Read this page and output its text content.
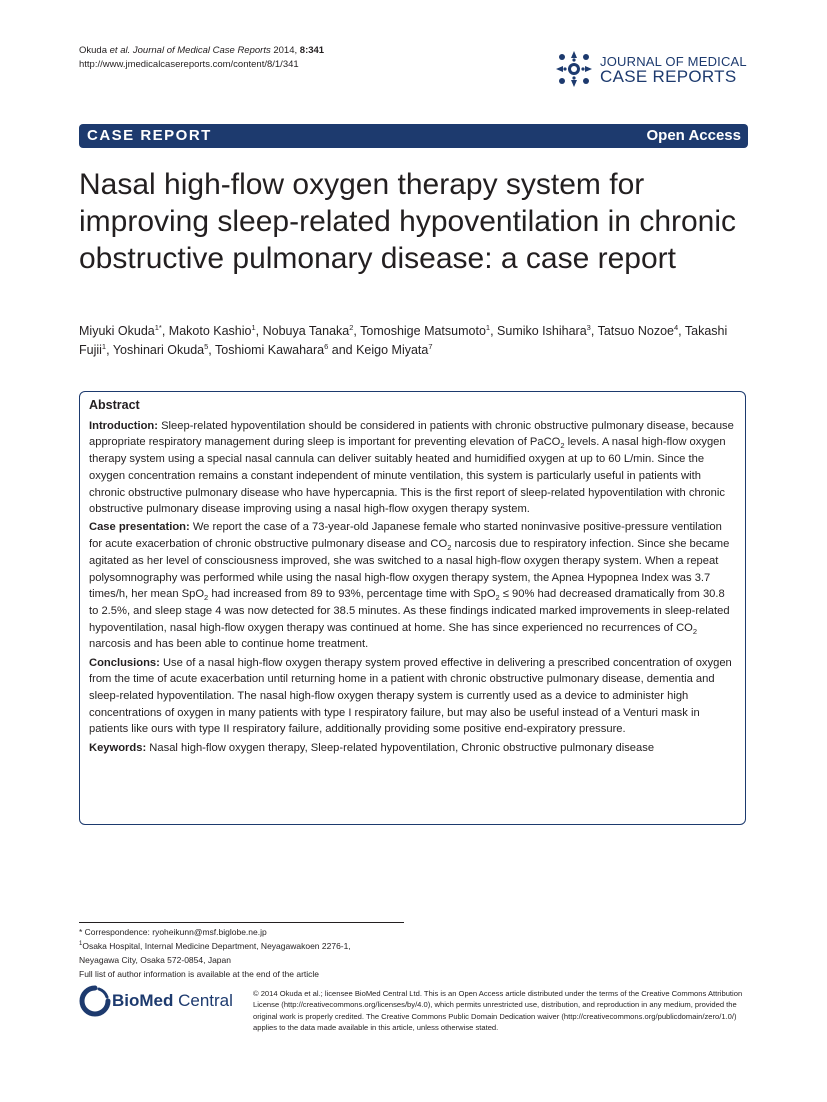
Okuda et al. Journal of Medical Case Reports 2014, 8:341
http://www.jmedicalcasereports.com/content/8/1/341	JOURNAL OF MEDICAL
CASE REPORTS
CASE REPORT	Open Access
Nasal high-flow oxygen therapy system for improving sleep-related hypoventilation in chronic obstructive pulmonary disease: a case report
Miyuki Okuda$^{1*}$, Makoto Kashio$^1$, Nobuya Tanaka$^2$, Tomoshige Matsumoto$^1$, Sumiko Ishihara$^3$, Tatsuo Nozoe$^4$, Takashi Fujii$^1$, Yoshinari Okuda$^5$, Toshiomi Kawahara$^6$ and Keigo Miyata$^7$
Abstract

Introduction: Sleep-related hypoventilation should be considered in patients with chronic obstructive pulmonary disease, because appropriate respiratory management during sleep is important for preventing elevation of PaCO$_2$ levels. A nasal high-flow oxygen therapy system using a special nasal cannula can deliver suitably heated and humidified oxygen at up to 60 L/min. Since the oxygen concentration remains a constant independent of minute ventilation, this system is particularly useful in patients with chronic obstructive pulmonary disease who have hypercapnia. This is the first report of sleep-related hypoventilation with chronic obstructive pulmonary disease improving using a nasal high-flow oxygen therapy system.

Case presentation: We report the case of a 73-year-old Japanese female who started noninvasive positive-pressure ventilation for acute exacerbation of chronic obstructive pulmonary disease and $CO_2$ narcosis due to respiratory infection. Since she became agitated as her level of consciousness improved, she was switched to a nasal high-flow oxygen therapy system. When a repeat polysomnography was performed while using the nasal high-flow oxygen therapy system, the Apnea Hypopnea Index was 3.7 times/h, her mean SpO$_2$ had increased from 89 to 93%, percentage time with SpO$_2$ ≤ 90% had decreased dramatically from 30.8 to 2.5%, and sleep stage 4 was now detected for 38.5 minutes. As these findings indicated marked improvements in sleep-related hypoventilation, nasal high-flow oxygen therapy was continued at home. She has since experienced no recurrences of $CO_2$ narcosis and has been able to continue home treatment.

Conclusions: Use of a nasal high-flow oxygen therapy system proved effective in delivering a prescribed concentration of oxygen from the time of acute exacerbation until returning home in a patient with chronic obstructive pulmonary disease, dementia and sleep-related hypoventilation. The nasal high-flow oxygen therapy system is currently used as a device to administer high concentrations of oxygen in many patients with type I respiratory failure, but may also be useful instead of a Venturi mask in patients like ours with type II respiratory failure, additionally providing some positive end-expiratory pressure.

Keywords: Nasal high-flow oxygen therapy, Sleep-related hypoventilation, Chronic obstructive pulmonary disease

* Correspondence: ryoheikunn@msf.biglobe.ne.jp
$^1$Osaka Hospital, Internal Medicine Department, Neyagawakoen 2276-1,
Neyagawa City, Osaka 572-0854, Japan
Full list of author information is available at the end of the article
BioMed Central	© 2014 Okuda et al.; licensee BioMed Central Ltd. This is an Open Access article distributed under the terms of the Creative Commons Attribution License (http://creativecommons.org/licenses/by/4.0), which permits unrestricted use, distribution, and reproduction in any medium, provided the original work is properly credited. The Creative Commons Public Domain Dedication waiver (http://creativecommons.org/publicdomain/zero/1.0/) applies to the data made available in this article, unless otherwise stated.
